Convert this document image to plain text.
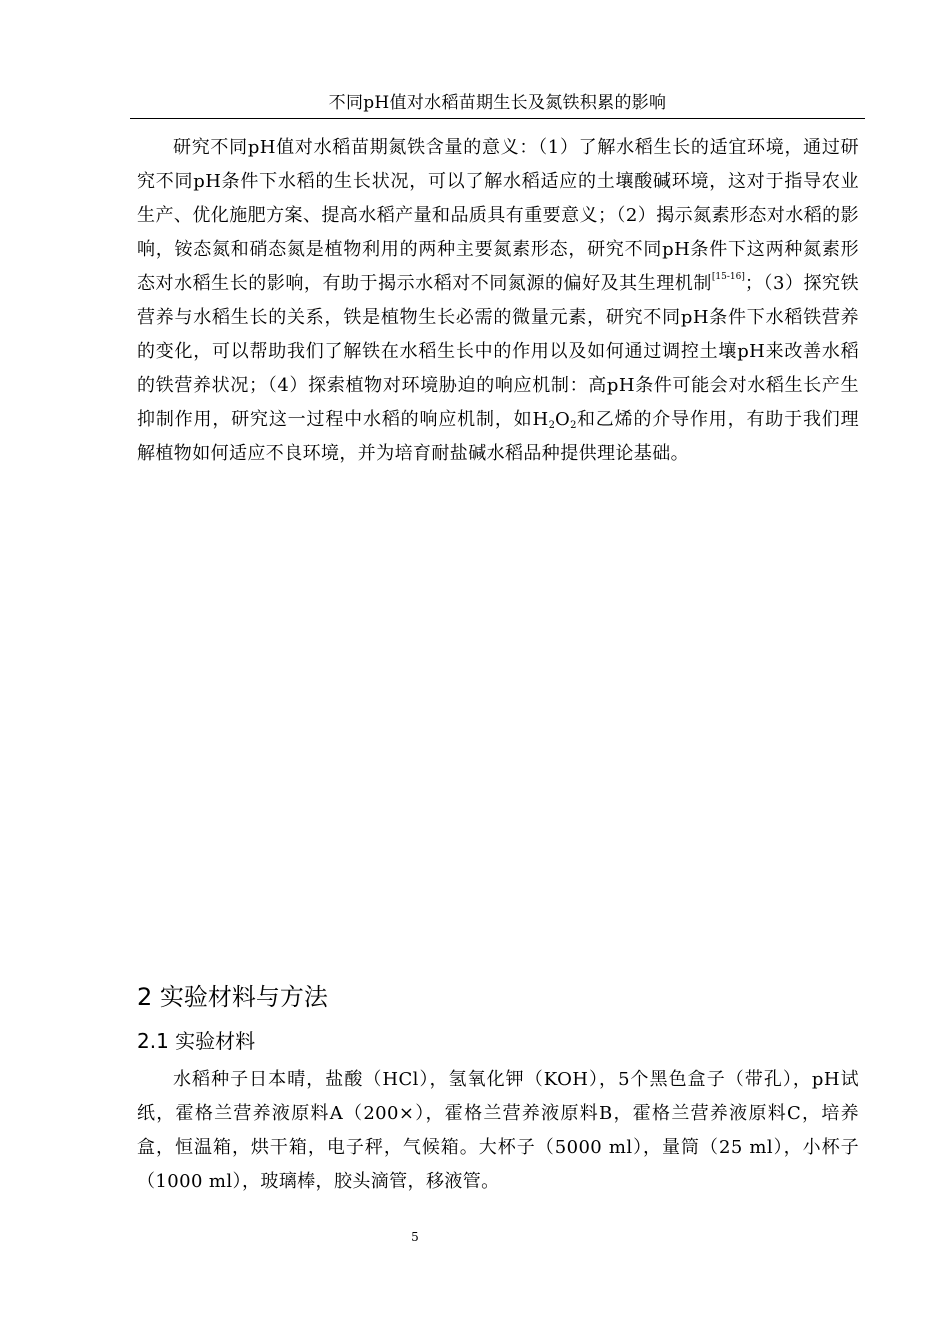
不同pH值对水稻苗期生长及氮铁积累的影响

研究不同pH值对水稻苗期氮铁含量的意义：（1）了解水稻生长的适宜环境，通过研究不同pH条件下水稻的生长状况，可以了解水稻适应的土壤酸碱环境，这对于指导农业生产、优化施肥方案、提高水稻产量和品质具有重要意义；（2）揭示氮素形态对水稻的影响，铵态氮和硝态氮是植物利用的两种主要氮素形态，研究不同pH条件下这两种氮素形态对水稻生长的影响，有助于揭示水稻对不同氮源的偏好及其生理机制[15-16]；（3）探究铁营养与水稻生长的关系，铁是植物生长必需的微量元素，研究不同pH条件下水稻铁营养的变化，可以帮助我们了解铁在水稻生长中的作用以及如何通过调控土壤pH来改善水稻的铁营养状况；（4）探索植物对环境胁迫的响应机制：高pH条件可能会对水稻生长产生抑制作用，研究这一过程中水稻的响应机制，如$H_2O_2$和乙烯的介导作用，有助于我们理解植物如何适应不良环境，并为培育耐盐碱水稻品种提供理论基础。

2 实验材料与方法
2.1 实验材料

水稻种子日本晴，盐酸（HCl），氢氧化钾（KOH），5个黑色盒子（带孔），pH试纸，霍格兰营养液原料A（200×），霍格兰营养液原料B，霍格兰营养液原料C，培养盒，恒温箱，烘干箱，电子秤，气候箱。大杯子（5000 ml），量筒（25 ml），小杯子（1000 ml），玻璃棒，胶头滴管，移液管。

5
